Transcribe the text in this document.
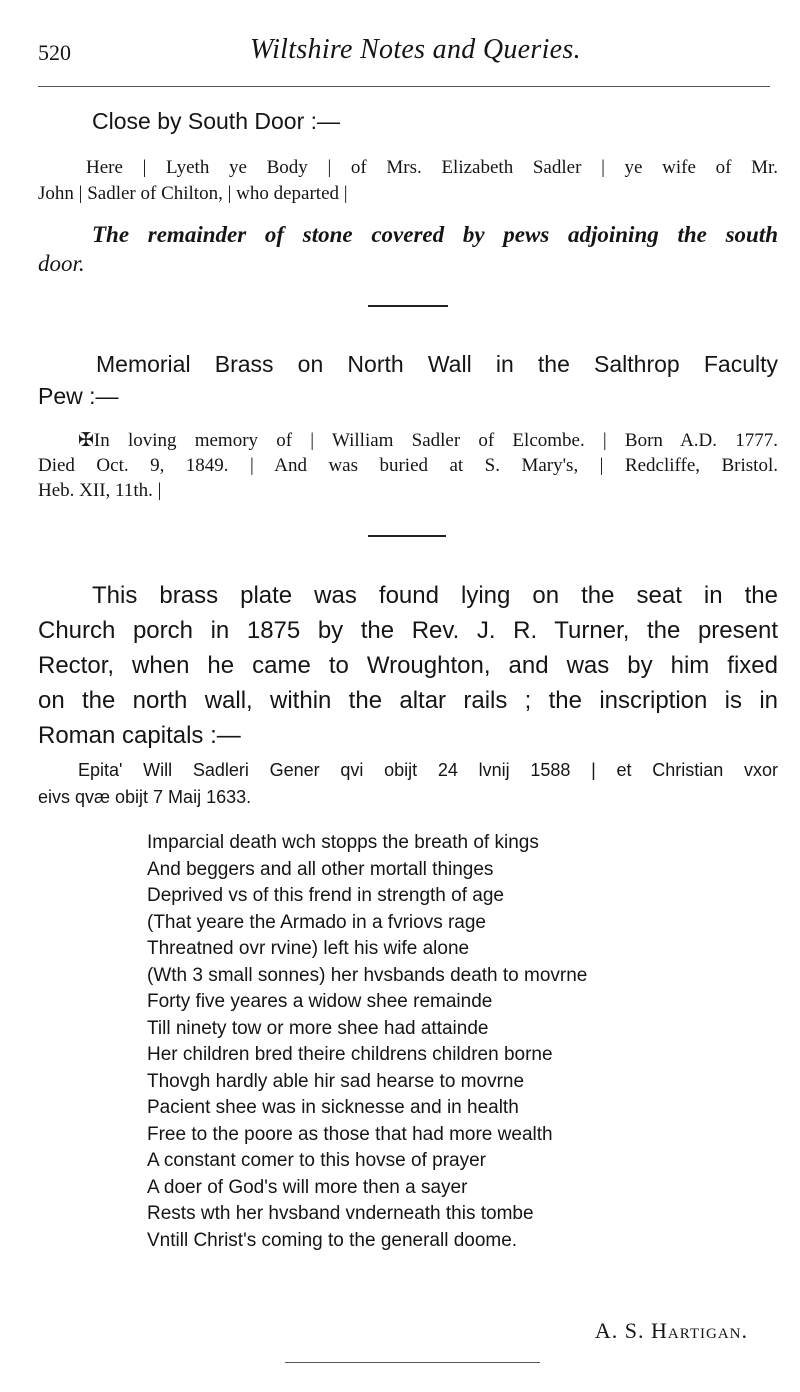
520	Wiltshire Notes and Queries.
Close by South Door :—
Here | Lyeth ye Body | of Mrs. Elizabeth Sadler | ye wife of Mr.
John | Sadler of Chilton, | who departed |
The remainder of stone covered by pews adjoining the south
door.
Memorial Brass on North Wall in the Salthrop Faculty
Pew :—
✠In loving memory of | William Sadler of Elcombe. | Born A.D. 1777.
Died Oct. 9, 1849. | And was buried at S. Mary's, | Redcliffe, Bristol.
Heb. XII, 11th. |
This brass plate was found lying on the seat in the
Church porch in 1875 by the Rev. J. R. Turner, the present
Rector, when he came to Wroughton, and was by him fixed
on the north wall, within the altar rails ; the inscription is in
Roman capitals :—
Epita' Will Sadleri Gener qvi obijt 24 lvnij 1588 | et Christian vxor
eivs qvæ obijt 7 Maij 1633.
Imparcial death wch stopps the breath of kings
And beggers and all other mortall thinges
Deprived vs of this frend in strength of age
(That yeare the Armado in a fvriovs rage
Threatned ovr rvine) left his wife alone
(Wth 3 small sonnes) her hvsbands death to movrne
Forty five yeares a widow shee remainde
Till ninety tow or more shee had attainde
Her children bred theire childrens children borne
Thovgh hardly able hir sad hearse to movrne
Pacient shee was in sicknesse and in health
Free to the poore as those that had more wealth
A constant comer to this hovse of prayer
A doer of God's will more then a sayer
Rests wth her hvsband vnderneath this tombe
Vntill Christ's coming to the generall doome.
A. S. Hartigan.
